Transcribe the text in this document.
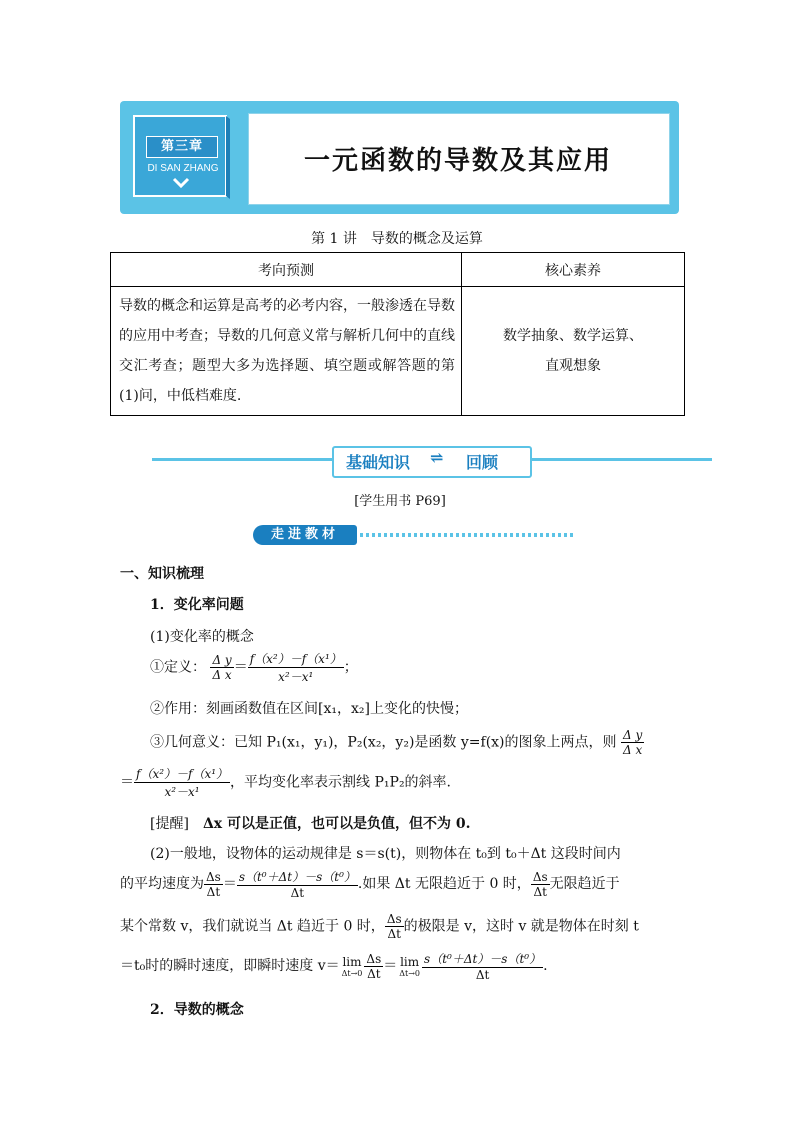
第三章
DI SAN ZHANG	一元函数的导数及其应用
第 1 讲　导数的概念及运算
考向预测	核心素养
导数的概念和运算是高考的必考内容，一般渗透在导数的应用中考查；导数的几何意义常与解析几何中的直线交汇考查；题型大多为选择题、填空题或解答题的第(1)问，中低档难度.	数学抽象、数学运算、
直观想象
基础知识 ⇌ 回顾
[学生用书 P69]
走进教材
一、知识梳理
1．变化率问题
(1)变化率的概念
①定义： $\frac{\text{Δ y}}{\text{Δ x}} = \frac{\text{f（x²）－f（x¹）}}{\text{x²－x¹}}$ ；
②作用：刻画函数值在区间[x₁，x₂]上变化的快慢；
③几何意义：已知 P₁(x₁，y₁)，P₂(x₂，y₂)是函数 y=f(x)的图象上两点，则 $\frac{\text{Δ y}}{\text{Δ x}}$
＝ $\frac{\text{f（x²）－f（x¹）}}{\text{x²－x¹}}$ ，平均变化率表示割线 P₁P₂的斜率.
[提醒]　 Δx 可以是正值，也可以是负值，但不为 0.
(2)一般地，设物体的运动规律是 s＝s(t)，则物体在 t₀到 t₀＋Δt 这段时间内
的平均速度为 $\frac{\Delta s}{\Delta t} = \frac{\text{s（t⁰＋Δt）－s（t⁰）}}{\Delta t}$ .如果 Δt 无限趋近于 0 时， $\frac{\Delta s}{\Delta t}$ 无限趋近于
某个常数 v，我们就说当 Δt 趋近于 0 时， $\frac{\Delta s}{\Delta t}$ 的极限是 v，这时 v 就是物体在时刻 t
＝t₀时的瞬时速度，即瞬时速度 v＝ lim
$\Delta t\to 0 \frac{\Delta s}{\Delta t} = \lim$
$\Delta t\to 0 \frac{\text{s（t⁰＋Δt）－s（t⁰）}}{\Delta t}$ .
2．导数的概念
